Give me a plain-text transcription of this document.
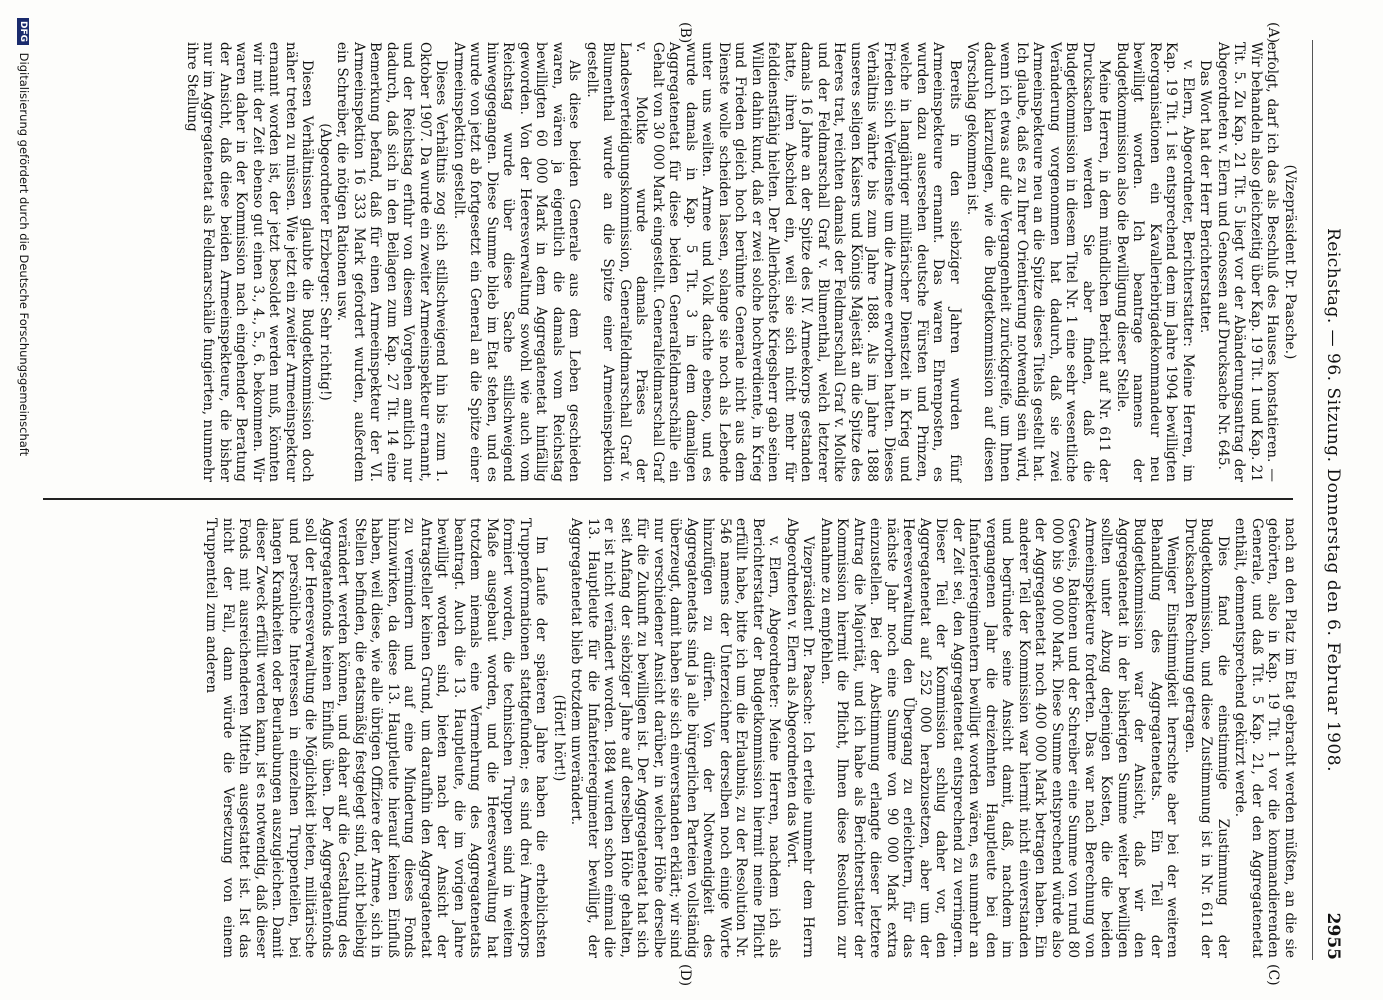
Reichstag. — 96. Sitzung. Donnerstag den 6. Februar 1908.
2955
(A)
(B)
(C)
(D)

(Vizepräsident Dr. Paasche.)

erfolgt, darf ich das als Beschluß des Hauses konstatieren. — Wir behandeln also gleichzeitig über Kap. 19 Tit. 1 und Kap. 21 Tit. 5. Zu Kap. 21 Tit. 5 liegt vor der Abänderungsantrag der Abgeordneten v. Elern und Genossen auf Drucksache Nr. 645.

Das Wort hat der Herr Berichterstatter.

v. Elern, Abgeordneter, Berichterstatter: Meine Herren, im Kap. 19 Tit. 1 ist entsprechend dem im Jahre 1904 bewilligten Reorganisationen ein Kavalleriebrigadekommandeur neu bewilligt worden. Ich beantrage namens der Budgetkommission also die Bewilligung dieser Stelle.

Meine Herren, in dem mündlichen Bericht auf Nr. 611 der Drucksachen werden Sie aber finden, daß die Budgetkommission in diesem Titel Nr. 1 eine sehr wesentliche Veränderung vorgenommen hat dadurch, daß sie zwei Armeeinspekteure neu an die Spitze dieses Titels gestellt hat. Ich glaube, daß es zu Ihrer Orientierung notwendig sein wird, wenn ich etwas auf die Vergangenheit zurückgreife, um Ihnen dadurch klarzulegen, wie die Budgetkommission auf diesen Vorschlag gekommen ist.

Bereits in den siebziger Jahren wurden fünf Armeeinspekteure ernannt. Das waren Ehrenposten, es wurden dazu ausersehen deutsche Fürsten und Prinzen, welche in langjähriger militärischer Dienstzeit in Krieg und Frieden sich Verdienste um die Armee erworben hatten. Dieses Verhältnis währte bis zum Jahre 1888. Als im Jahre 1888 unseres seligen Kaisers und Königs Majestät an die Spitze des Heeres trat, reichten damals der Feldmarschall Graf v. Moltke und der Feldmarschall Graf v. Blumenthal, welch letzterer damals 16 Jahre an der Spitze des IV. Armeekorps gestanden hatte, ihren Abschied ein, weil sie sich nicht mehr für felddienstfähig hielten. Der Allerhöchste Kriegsherr gab seinen Willen dahin kund, daß er zwei solche hochverdiente, in Krieg und Frieden gleich hoch berühmte Generale nicht aus dem Dienste wolle scheiden lassen, solange sie noch als Lebende unter uns weilten. Armee und Volk dachte ebenso, und es wurde damals in Kap. 5 Tit. 3 in dem damaligen Aggregatenetat für diese beiden Generalfeldmarschälle ein Gehalt von 30 000 Mark eingestellt. Generalfeldmarschall Graf v. Moltke wurde damals Präses der Landesverteidigungskommission, Generalfeldmarschall Graf v. Blumenthal wurde an die Spitze einer Armeeinspektion gestellt.

Als diese beiden Generale aus dem Leben geschieden waren, wären ja eigentlich die damals vom Reichstag bewilligten 60 000 Mark in dem Aggregatenetat hinfällig geworden. Von der Heeresverwaltung sowohl wie auch vom Reichstag wurde über diese Sache stillschweigend hinweggegangen. Diese Summe blieb im Etat stehen, und es wurde von jetzt ab fortgesetzt ein General an die Spitze einer Armeeinspektion gestellt.

Dieses Verhältnis zog sich stillschweigend hin bis zum 1. Oktober 1907. Da wurde ein zweiter Armeeinspekteur ernannt, und der Reichstag erfuhr von diesem Vorgehen amtlich nur dadurch, daß sich in den Beilagen zum Kap. 27 Tit. 14 eine Bemerkung befand, daß für einen Armeeinspekteur der VI. Armeeinspektion 16 333 Mark gefordert wurden, außerdem ein Schreiber, die nötigen Rationen usw.

(Abgeordneter Erzberger: Sehr richtig!)

Diesen Verhältnissen glaubte die Budgetkommission doch näher treten zu müssen. Wie jetzt ein zweiter Armeeinspekteur ernannt worden ist, der jetzt besoldet werden muß, könnten wir mit der Zeit ebenso gut einen 3., 4., 5., 6. bekommen. Wir waren daher in der Kommission nach eingehender Beratung der Ansicht, daß diese beiden Armeeinspekteure, die bisher nur im Aggregatenetat als Feldmarschälle fungierten, nunmehr ihre Stellung

nach an den Platz im Etat gebracht werden müßten, an die sie gehörten, also in Kap. 19 Tit. 1 vor die kommandierenden Generale, und daß Tit. 5 Kap. 21, der den Aggregatenetat enthält, demnentsprechend gekürzt werde.

Dies fand die einstimmige Zustimmung der Budgetkommission, und diese Zustimmung ist in Nr. 611 der Drucksachen Rechnung getragen.

Weniger Einstimmigkeit herrschte aber bei der weiteren Behandlung des Aggregatenetats. Ein Teil der Budgetkommission war der Ansicht, daß wir den Aggregatenetat in der bisherigen Summe weiter bewilligen sollten unter Abzug derjenigen Kosten, die die beiden Armeeinspekteure forderten. Das war nach Berechnung von Geweis, Rationen und der Schreiber eine Summe von rund 80 000 bis 90 000 Mark. Diese Summe entsprechend würde also der Aggregatenetat noch 400 000 Mark betragen haben. Ein anderer Teil der Kommission war hiermit nicht einverstanden und begründete seine Ansicht damit, daß, nachdem im vergangenen Jahr die dreizehnten Hauptleute bei den Infanterieregimentern bewilligt worden wären, es nunmehr an der Zeit sei, den Aggregatenetat entsprechend zu verringern. Dieser Teil der Kommission schlug daher vor, den Aggregatenetat auf 252 000 herabzusetzen, aber um der Heeresverwaltung den Übergang zu erleichtern, für das nächste Jahr noch eine Summe von 90 000 Mark extra einzustellen. Bei der Abstimmung erlangte dieser letztere Antrag die Majorität, und ich habe als Berichterstatter der Kommission hiermit die Pflicht, Ihnen diese Resolution zur Annahme zu empfehlen.

Vizepräsident Dr. Paasche: Ich erteile nunmehr dem Herrn Abgeordneten v. Elern als Abgeordneten das Wort.

v. Elern, Abgeordneter: Meine Herren, nachdem ich als Berichterstatter der Budgetkommission hiermit meine Pflicht erfüllt habe, bitte ich um die Erlaubnis, zu der Resolution Nr. 546 namens der Unterzeichner derselben noch einige Worte hinzufügen zu dürfen. Von der Notwendigkeit des Aggregatenetats sind ja alle bürgerlichen Parteien vollständig überzeugt, damit haben sie sich einverstanden erklärt; wir sind nur verschiedener Ansicht darüber, in welcher Höhe derselbe für die Zukunft zu bewilligen ist. Der Aggregatenetat hat sich seit Anfang der siebziger Jahre auf derselben Höhe gehalten, er ist nicht verändert worden. 1884 wurden schon einmal die 13. Hauptleute für die Infanterieregimenter bewilligt, der Aggregatenetat blieb trotzdem unverändert.

(Hört! hört!)

Im Laufe der späteren Jahre haben die erheblichsten Truppenformationen stattgefunden; es sind drei Armeekorps formiert worden, die technischen Truppen sind in weitem Maße ausgebaut worden, und die Heeresverwaltung hat trotzdem niemals eine Vermehrung des Aggregatenetats beantragt. Auch die 13. Hauptleute, die im vorigen Jahre bewilligt worden sind, bieten nach der Ansicht der Antragsteller keinen Grund, um daraufhin den Aggregatenetat zu vermindern und auf eine Minderung dieses Fonds hinzuwirken, da diese 13. Hauptleute hierauf keinen Einfluß haben, weil diese, wie alle übrigen Offiziere der Armee, sich in Stellen befinden, die etatsmäßig festgelegt sind, nicht beliebig verändert werden können, und daher auf die Gestaltung des Aggregatenfonds keinen Einfluß üben. Der Aggregatenfonds soll der Heeresverwaltung die Möglichkeit bieten, militärische und persönliche Interessen in einzelnen Truppenteilen, bei langen Krankheiten oder Beurlaubungen auszugleichen. Damit dieser Zweck erfüllt werden kann, ist es notwendig, daß dieser Fonds mit ausreichenderen Mitteln ausgestattet ist. Ist das nicht der Fall, dann würde die Versetzung von einem Truppenteil zum anderen

DFG Digitalisierung gefördert durch die Deutsche Forschungsgemeinschaft
